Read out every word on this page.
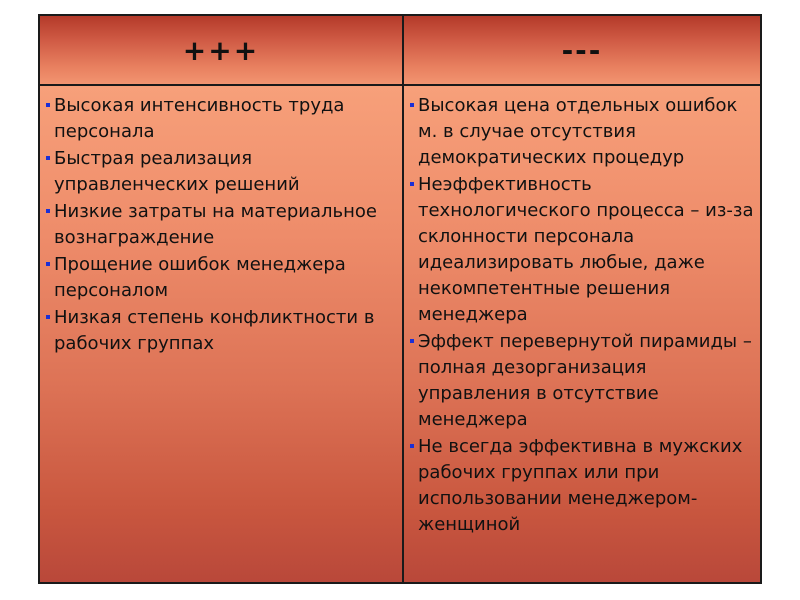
+++	---
Высокая интенсивность труда персонала
Быстрая реализация управленческих решений
Низкие затраты на материальное вознаграждение
Прощение ошибок менеджера персоналом
Низкая степень конфликтности в рабочих группах
Высокая цена отдельных ошибок м. в случае отсутствия демократических процедур
Неэффективность технологического процесса – из-за склонности персонала идеализировать любые, даже некомпетентные решения менеджера
Эффект перевернутой пирамиды – полная дезорганизация управления в отсутствие менеджера
Не всегда эффективна в мужских рабочих группах или при использовании менеджером-женщиной
